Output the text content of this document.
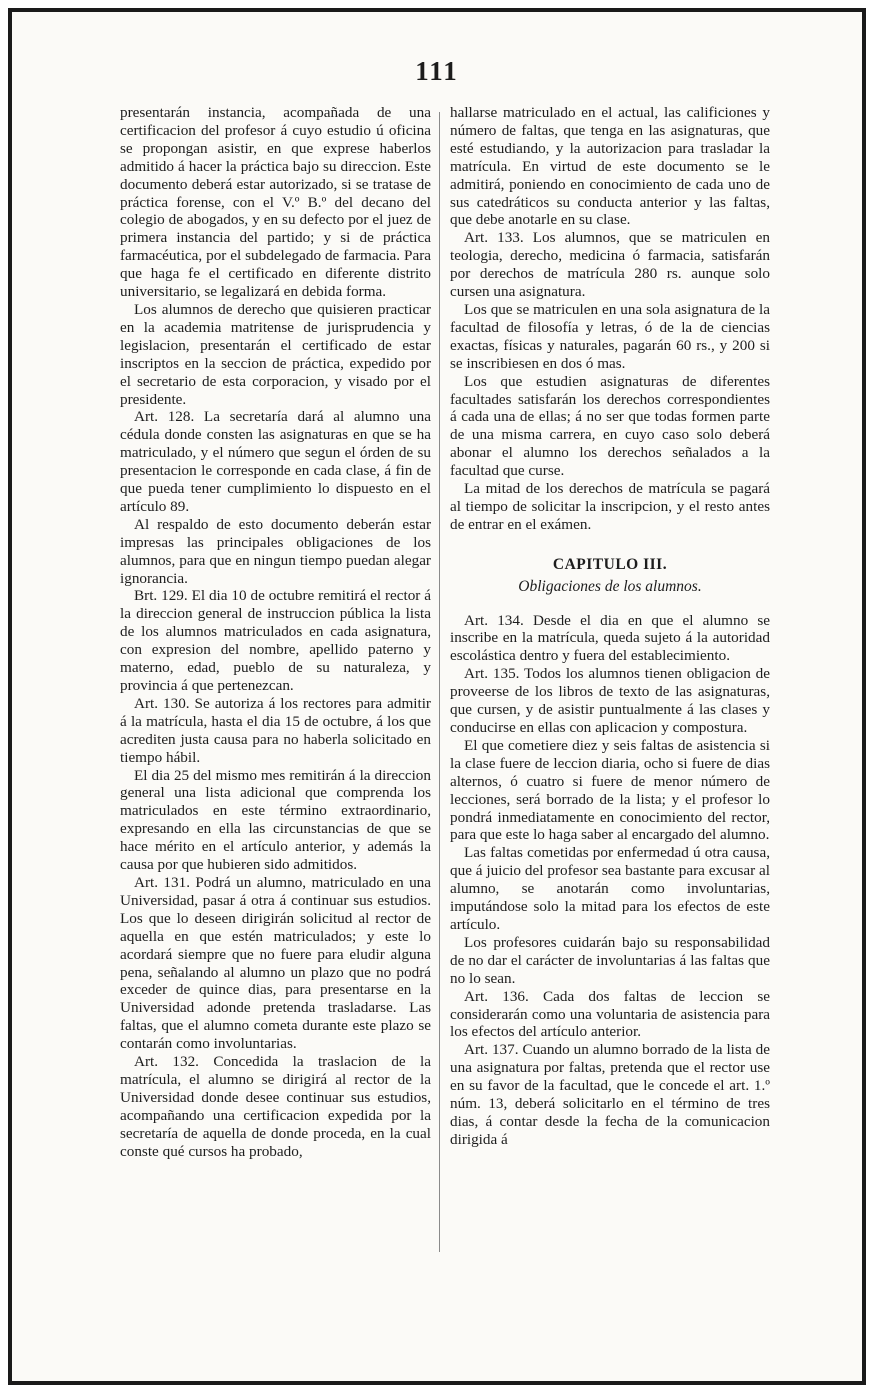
111

presentarán instancia, acompañada de una certificacion del profesor á cuyo estudio ú oficina se propongan asistir, en que exprese haberlos admitido á hacer la práctica bajo su direccion. Este documento deberá estar autorizado, si se tratase de práctica forense, con el V.º B.º del decano del colegio de abogados, y en su defecto por el juez de primera instancia del partido; y si de práctica farmacéutica, por el subdelegado de farmacia. Para que haga fe el certificado en diferente distrito universitario, se legalizará en debida forma.

Los alumnos de derecho que quisieren practicar en la academia matritense de jurisprudencia y legislacion, presentarán el certificado de estar inscriptos en la seccion de práctica, expedido por el secretario de esta corporacion, y visado por el presidente.

Art. 128. La secretaría dará al alumno una cédula donde consten las asignaturas en que se ha matriculado, y el número que segun el órden de su presentacion le corresponde en cada clase, á fin de que pueda tener cumplimiento lo dispuesto en el artículo 89.

Al respaldo de esto documento deberán estar impresas las principales obligaciones de los alumnos, para que en ningun tiempo puedan alegar ignorancia.

Brt. 129. El dia 10 de octubre remitirá el rector á la direccion general de instruccion pública la lista de los alumnos matriculados en cada asignatura, con expresion del nombre, apellido paterno y materno, edad, pueblo de su naturaleza, y provincia á que pertenezcan.

Art. 130. Se autoriza á los rectores para admitir á la matrícula, hasta el dia 15 de octubre, á los que acrediten justa causa para no haberla solicitado en tiempo hábil.

El dia 25 del mismo mes remitirán á la direccion general una lista adicional que comprenda los matriculados en este término extraordinario, expresando en ella las circunstancias de que se hace mérito en el artículo anterior, y además la causa por que hubieren sido admitidos.

Art. 131. Podrá un alumno, matriculado en una Universidad, pasar á otra á continuar sus estudios. Los que lo deseen dirigirán solicitud al rector de aquella en que estén matriculados; y este lo acordará siempre que no fuere para eludir alguna pena, señalando al alumno un plazo que no podrá exceder de quince dias, para presentarse en la Universidad adonde pretenda trasladarse. Las faltas, que el alumno cometa durante este plazo se contarán como involuntarias.

Art. 132. Concedida la traslacion de la matrícula, el alumno se dirigirá al rector de la Universidad donde desee continuar sus estudios, acompañando una certificacion expedida por la secretaría de aquella de donde proceda, en la cual conste qué cursos ha probado,

hallarse matriculado en el actual, las calificiones y número de faltas, que tenga en las asignaturas, que esté estudiando, y la autorizacion para trasladar la matrícula. En virtud de este documento se le admitirá, poniendo en conocimiento de cada uno de sus catedráticos su conducta anterior y las faltas, que debe anotarle en su clase.

Art. 133. Los alumnos, que se matriculen en teologia, derecho, medicina ó farmacia, satisfarán por derechos de matrícula 280 rs. aunque solo cursen una asignatura.

Los que se matriculen en una sola asignatura de la facultad de filosofía y letras, ó de la de ciencias exactas, físicas y naturales, pagarán 60 rs., y 200 si se inscribiesen en dos ó mas.

Los que estudien asignaturas de diferentes facultades satisfarán los derechos correspondientes á cada una de ellas; á no ser que todas formen parte de una misma carrera, en cuyo caso solo deberá abonar el alumno los derechos señalados a la facultad que curse.

La mitad de los derechos de matrícula se pagará al tiempo de solicitar la inscripcion, y el resto antes de entrar en el exámen.

CAPITULO III.
Obligaciones de los alumnos.

Art. 134. Desde el dia en que el alumno se inscribe en la matrícula, queda sujeto á la autoridad escolástica dentro y fuera del establecimiento.

Art. 135. Todos los alumnos tienen obligacion de proveerse de los libros de texto de las asignaturas, que cursen, y de asistir puntualmente á las clases y conducirse en ellas con aplicacion y compostura.

El que cometiere diez y seis faltas de asistencia si la clase fuere de leccion diaria, ocho si fuere de dias alternos, ó cuatro si fuere de menor número de lecciones, será borrado de la lista; y el profesor lo pondrá inmediatamente en conocimiento del rector, para que este lo haga saber al encargado del alumno.

Las faltas cometidas por enfermedad ú otra causa, que á juicio del profesor sea bastante para excusar al alumno, se anotarán como involuntarias, imputándose solo la mitad para los efectos de este artículo.

Los profesores cuidarán bajo su responsabilidad de no dar el carácter de involuntarias á las faltas que no lo sean.

Art. 136. Cada dos faltas de leccion se considerarán como una voluntaria de asistencia para los efectos del artículo anterior.

Art. 137. Cuando un alumno borrado de la lista de una asignatura por faltas, pretenda que el rector use en su favor de la facultad, que le concede el art. 1.º núm. 13, deberá solicitarlo en el término de tres dias, á contar desde la fecha de la comunicacion dirigida á
